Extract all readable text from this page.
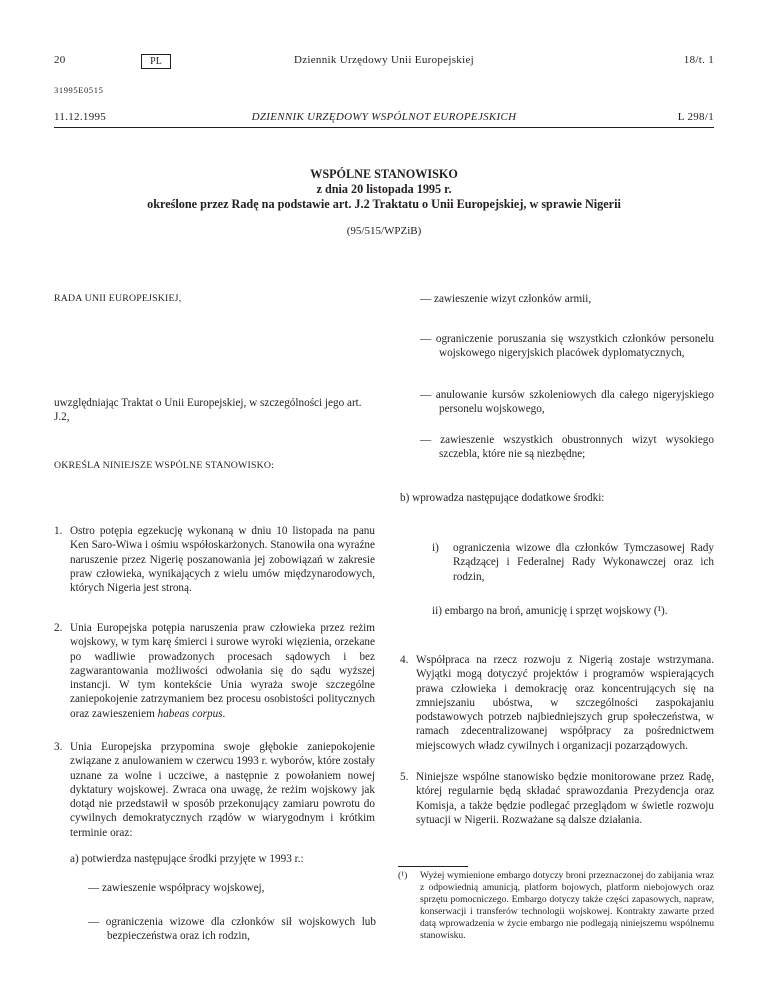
20	PL	Dziennik Urzędowy Unii Europejskiej	18/t. 1
31995E0515
11.12.1995	DZIENNIK URZĘDOWY WSPÓLNOT EUROPEJSKICH	L 298/1
WSPÓLNE STANOWISKO
z dnia 20 listopada 1995 r.
określone przez Radę na podstawie art. J.2 Traktatu o Unii Europejskiej, w sprawie Nigerii
(95/515/WPZiB)
RADA UNII EUROPEJSKIEJ,
uwzględniając Traktat o Unii Europejskiej, w szczególności jego art. J.2,
OKREŚLA NINIEJSZE WSPÓLNE STANOWISKO:
1. Ostro potępia egzekucję wykonaną w dniu 10 listopada na panu Ken Saro-Wiwa i ośmiu współoskarżonych. Stanowiła ona wyraźne naruszenie przez Nigerię poszanowania jej zobowiązań w zakresie praw człowieka, wynikających z wielu umów międzynarodowych, których Nigeria jest stroną.
2. Unia Europejska potępia naruszenia praw człowieka przez reżim wojskowy, w tym karę śmierci i surowe wyroki więzienia, orzekane po wadliwie prowadzonych procesach sądowych i bez zagwarantowania możliwości odwołania się do sądu wyższej instancji. W tym kontekście Unia wyraża swoje szczególne zaniepokojenie zatrzymaniem bez procesu osobistości politycznych oraz zawieszeniem habeas corpus.
3. Unia Europejska przypomina swoje głębokie zaniepokojenie związane z anulowaniem w czerwcu 1993 r. wyborów, które zostały uznane za wolne i uczciwe, a następnie z powołaniem nowej dyktatury wojskowej. Zwraca ona uwagę, że reżim wojskowy jak dotąd nie przedstawił w sposób przekonujący zamiaru powrotu do cywilnych demokratycznych rządów w wiarygodnym i krótkim terminie oraz:
a) potwierdza następujące środki przyjęte w 1993 r.:
— zawieszenie współpracy wojskowej,
— ograniczenia wizowe dla członków sił wojskowych lub bezpieczeństwa oraz ich rodzin,
— zawieszenie wizyt członków armii,
— ograniczenie poruszania się wszystkich członków personelu wojskowego nigeryjskich placówek dyplomatycznych,
— anulowanie kursów szkoleniowych dla całego nigeryjskiego personelu wojskowego,
— zawieszenie wszystkich obustronnych wizyt wysokiego szczebla, które nie są niezbędne;
b) wprowadza następujące dodatkowe środki:
i) ograniczenia wizowe dla członków Tymczasowej Rady Rządzącej i Federalnej Rady Wykonawczej oraz ich rodzin,
ii) embargo na broń, amunicję i sprzęt wojskowy (¹).
4. Współpraca na rzecz rozwoju z Nigerią zostaje wstrzymana. Wyjątki mogą dotyczyć projektów i programów wspierających prawa człowieka i demokrację oraz koncentrujących się na zmniejszaniu ubóstwa, w szczególności zaspokajaniu podstawowych potrzeb najbiedniejszych grup społeczeństwa, w ramach zdecentralizowanej współpracy za pośrednictwem miejscowych władz cywilnych i organizacji pozarządowych.
5. Niniejsze wspólne stanowisko będzie monitorowane przez Radę, której regularnie będą składać sprawozdania Prezydencja oraz Komisja, a także będzie podlegać przeglądom w świetle rozwoju sytuacji w Nigerii. Rozważane są dalsze działania.
(¹) Wyżej wymienione embargo dotyczy broni przeznaczonej do zabijania wraz z odpowiednią amunicją, platform bojowych, platform niebojowych oraz sprzętu pomocniczego. Embargo dotyczy także części zapasowych, napraw, konserwacji i transferów technologii wojskowej. Kontrakty zawarte przed datą wprowadzenia w życie embargo nie podlegają niniejszemu wspólnemu stanowisku.
